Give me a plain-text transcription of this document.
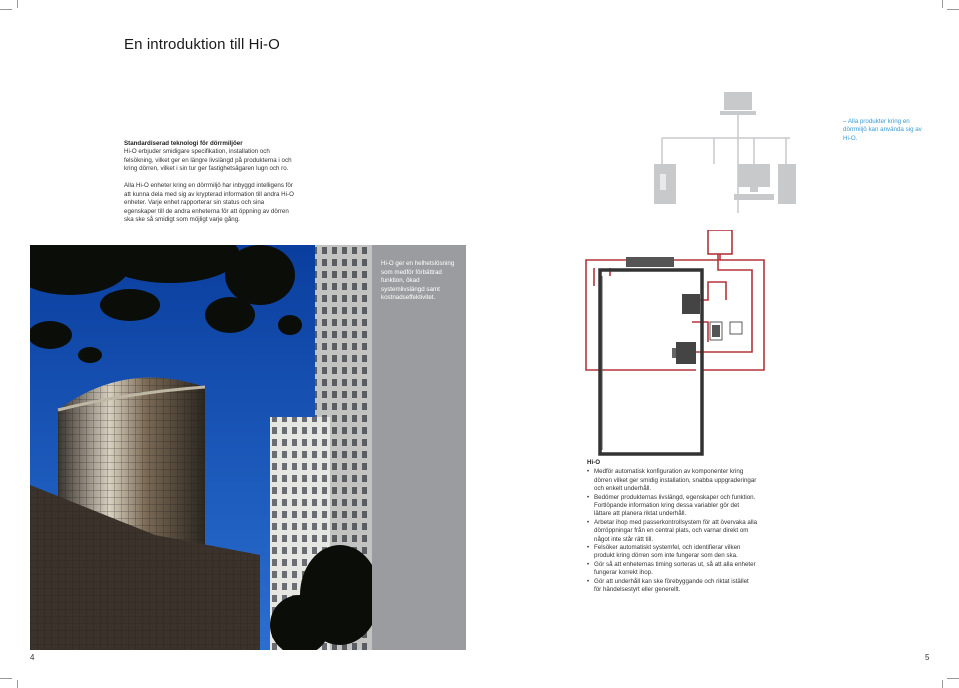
En introduktion till Hi-O
Standardiserad teknologi för dörrmiljöer
Hi-O erbjuder smidigare specifikation, installation och felsökning, vilket ger en längre livslängd på produkterna i och kring dörren, vilket i sin tur ger fastighetsägaren lugn och ro.
Alla Hi-O enheter kring en dörrmiljö har inbyggd intelligens för att kunna dela med sig av krypterad information till andra Hi-O enheter. Varje enhet rapporterar sin status och sina egenskaper till de andra enheterna för att öppning av dörren ska ske så smidigt som möjligt varje gång.
– Alla produkter kring en dörrmiljö kan använda sig av Hi-O.
Hi-O ger en helhetslösning som medför förbättrad funktion, ökad systemlivslängd samt kostnadseffektivitet.
Hi-O
• Medför automatisk konfiguration av komponenter kring dörren vilket ger smidig installation, snabba uppgraderingar och enkelt underhåll.
• Bedömer produkternas livslängd, egenskaper och funktion. Fortlöpande information kring dessa variabler gör det lättare att planera riktat underhåll.
• Arbetar ihop med passerkontrollsystem för att övervaka alla dörröppningar från en central plats, och varnar direkt om något inte står rätt till.
• Felsöker automatiskt systemfel, och identifierar vilken produkt kring dörren som inte fungerar som den ska.
• Gör så att enheternas timing sorteras ut, så att alla enheter fungerar korrekt ihop.
• Gör att underhåll kan ske förebyggande och riktat istället för händelsestyrt eller generellt.
4	5
